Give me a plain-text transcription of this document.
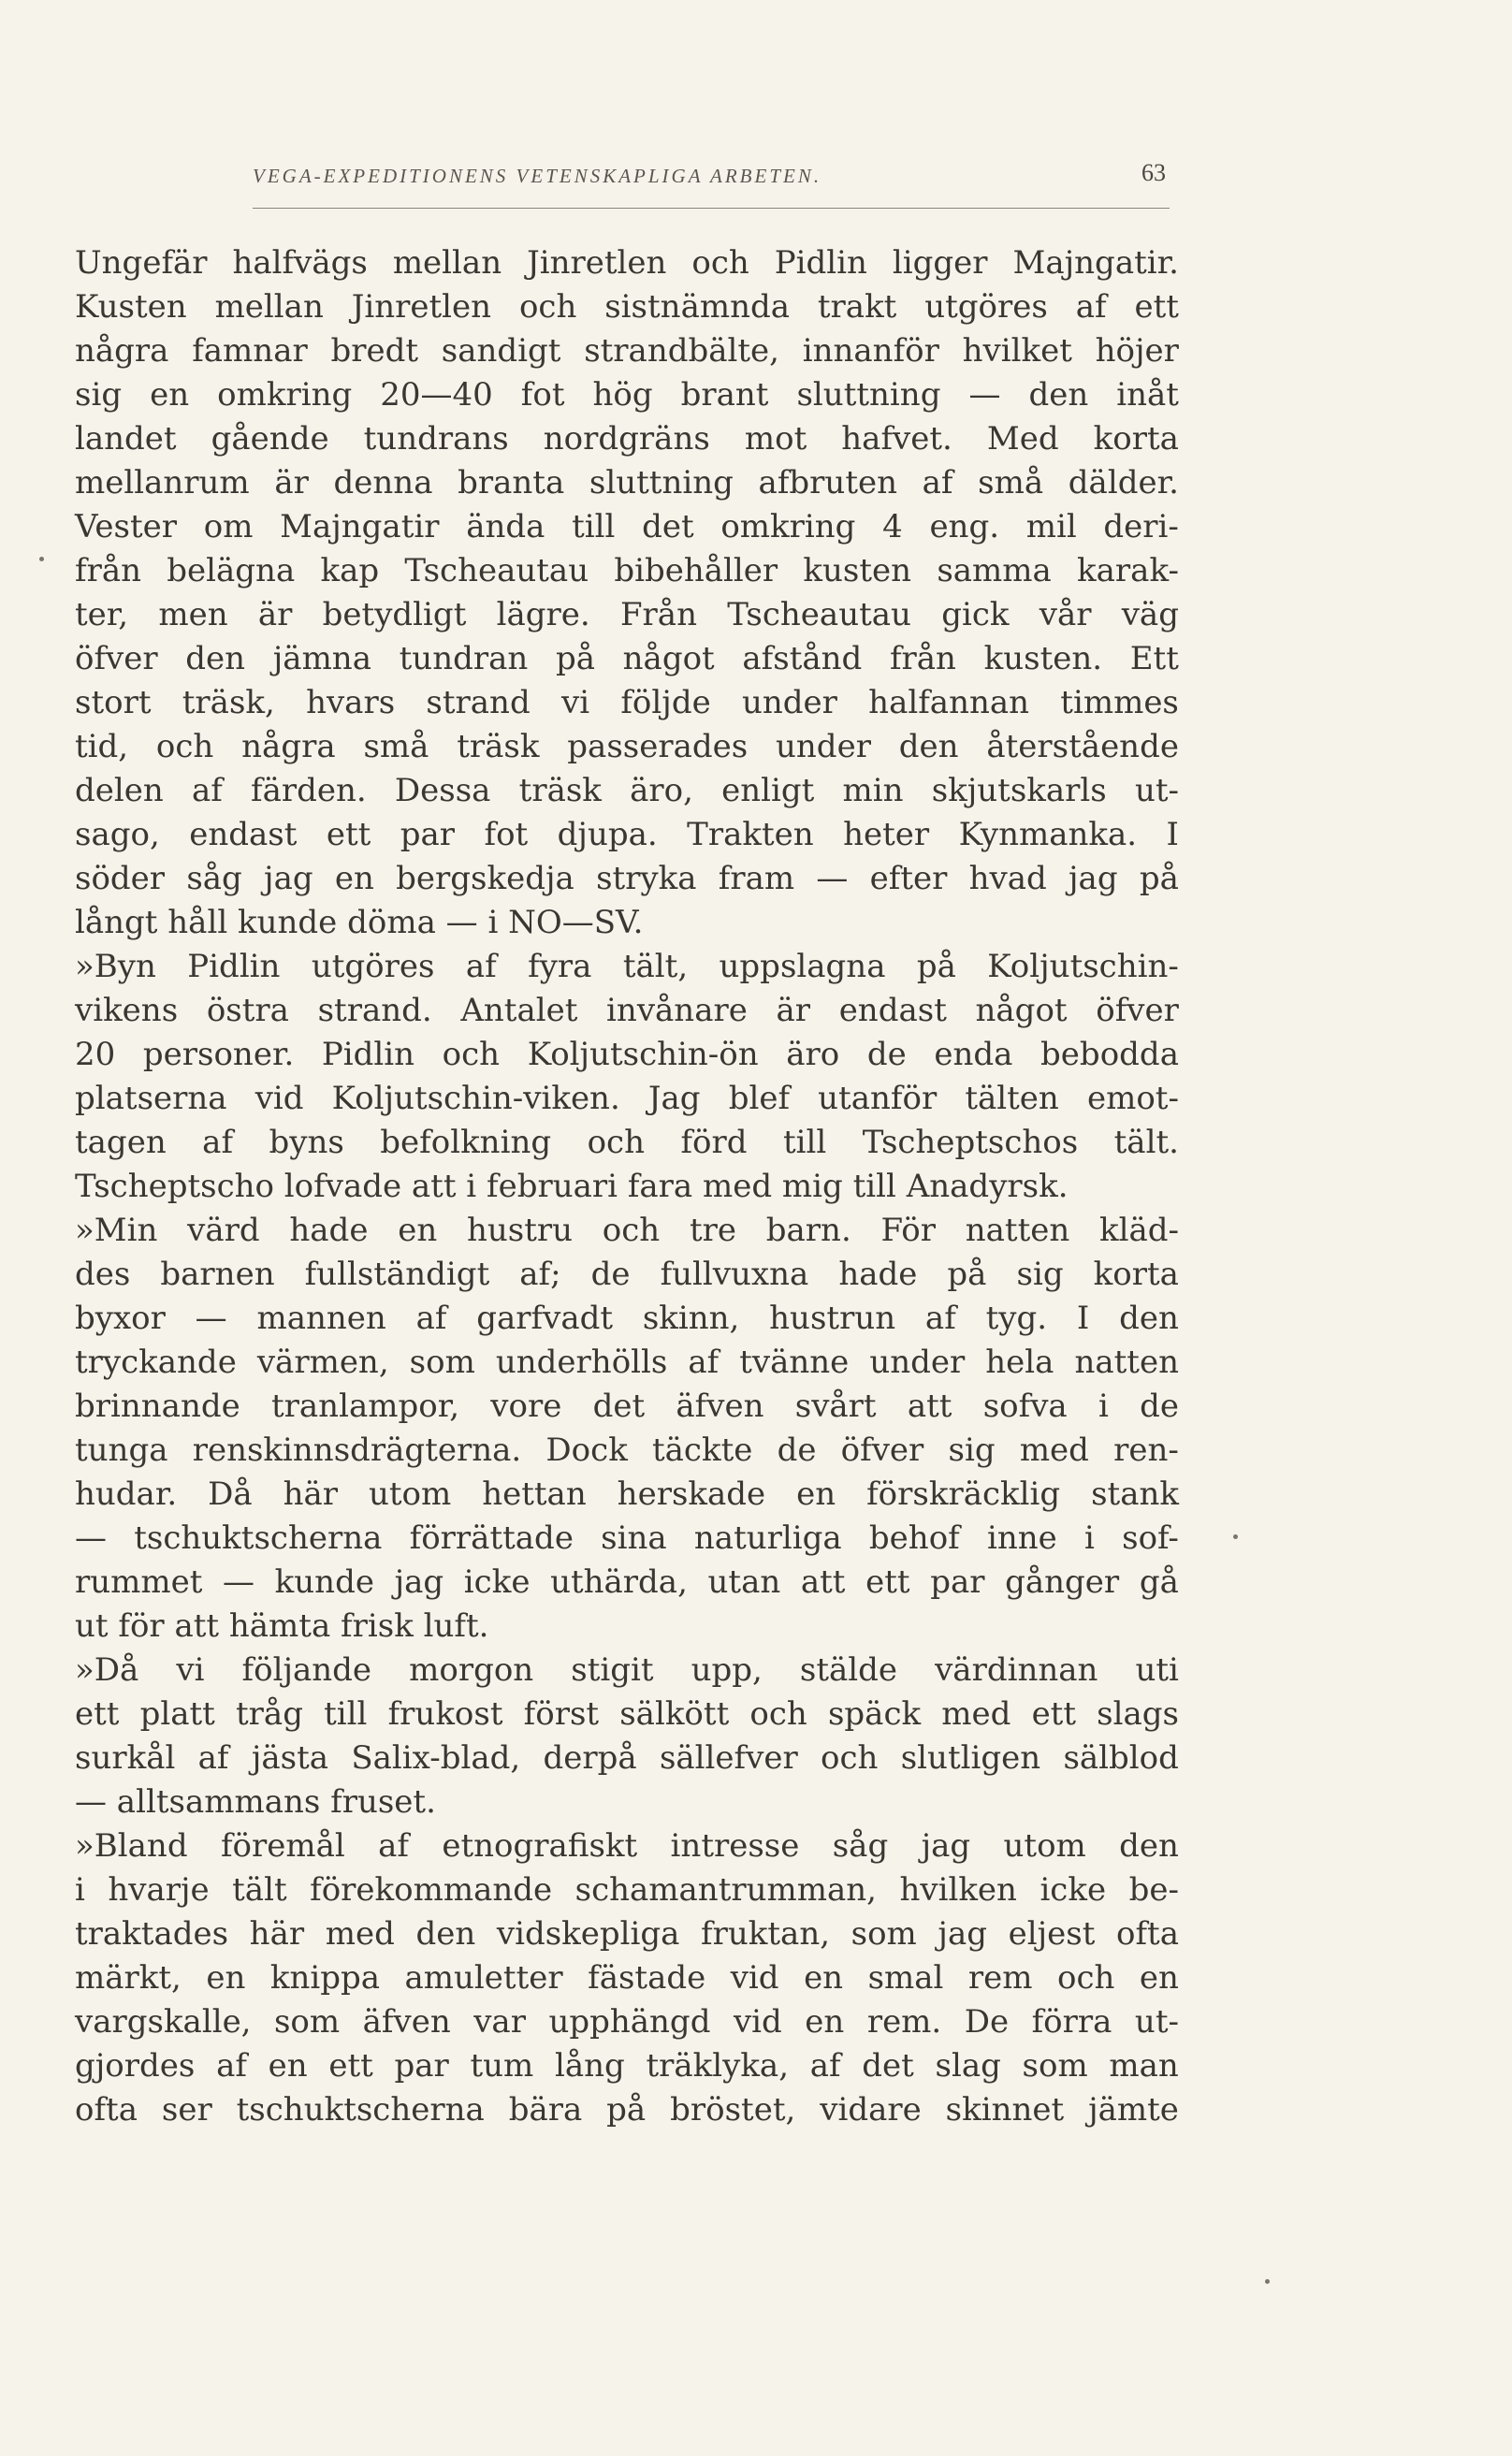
VEGA-EXPEDITIONENS VETENSKAPLIGA ARBETEN.	63
Ungefär halfvägs mellan Jinretlen och Pidlin ligger Majngatir.
Kusten mellan Jinretlen och sistnämnda trakt utgöres af ett
några famnar bredt sandigt strandbälte, innanför hvilket höjer
sig en omkring 20—40 fot hög brant sluttning — den inåt
landet gående tundrans nordgräns mot hafvet. Med korta
mellanrum är denna branta sluttning afbruten af små dälder.
Vester om Majngatir ända till det omkring 4 eng. mil deri-
från belägna kap Tscheautau bibehåller kusten samma karak-
ter, men är betydligt lägre. Från Tscheautau gick vår väg
öfver den jämna tundran på något afstånd från kusten. Ett
stort träsk, hvars strand vi följde under halfannan timmes
tid, och några små träsk passerades under den återstående
delen af färden. Dessa träsk äro, enligt min skjutskarls ut-
sago, endast ett par fot djupa. Trakten heter Kynmanka. I
söder såg jag en bergskedja stryka fram — efter hvad jag på
långt håll kunde döma — i NO—SV.
»Byn Pidlin utgöres af fyra tält, uppslagna på Koljutschin-
vikens östra strand. Antalet invånare är endast något öfver
20 personer. Pidlin och Koljutschin-ön äro de enda bebodda
platserna vid Koljutschin-viken. Jag blef utanför tälten emot-
tagen af byns befolkning och förd till Tscheptschos tält.
Tscheptscho lofvade att i februari fara med mig till Anadyrsk.
»Min värd hade en hustru och tre barn. För natten kläd-
des barnen fullständigt af; de fullvuxna hade på sig korta
byxor — mannen af garfvadt skinn, hustrun af tyg. I den
tryckande värmen, som underhölls af tvänne under hela natten
brinnande tranlampor, vore det äfven svårt att sofva i de
tunga renskinnsdrägterna. Dock täckte de öfver sig med ren-
hudar. Då här utom hettan herskade en förskräcklig stank
— tschuktscherna förrättade sina naturliga behof inne i sof-
rummet — kunde jag icke uthärda, utan att ett par gånger gå
ut för att hämta frisk luft.
»Då vi följande morgon stigit upp, stälde värdinnan uti
ett platt tråg till frukost först sälkött och späck med ett slags
surkål af jästa Salix-blad, derpå sällefver och slutligen sälblod
— alltsammans fruset.
»Bland föremål af etnografiskt intresse såg jag utom den
i hvarje tält förekommande schamantrumman, hvilken icke be-
traktades här med den vidskepliga fruktan, som jag eljest ofta
märkt, en knippa amuletter fästade vid en smal rem och en
vargskalle, som äfven var upphängd vid en rem. De förra ut-
gjordes af en ett par tum lång träklyka, af det slag som man
ofta ser tschuktscherna bära på bröstet, vidare skinnet jämte
